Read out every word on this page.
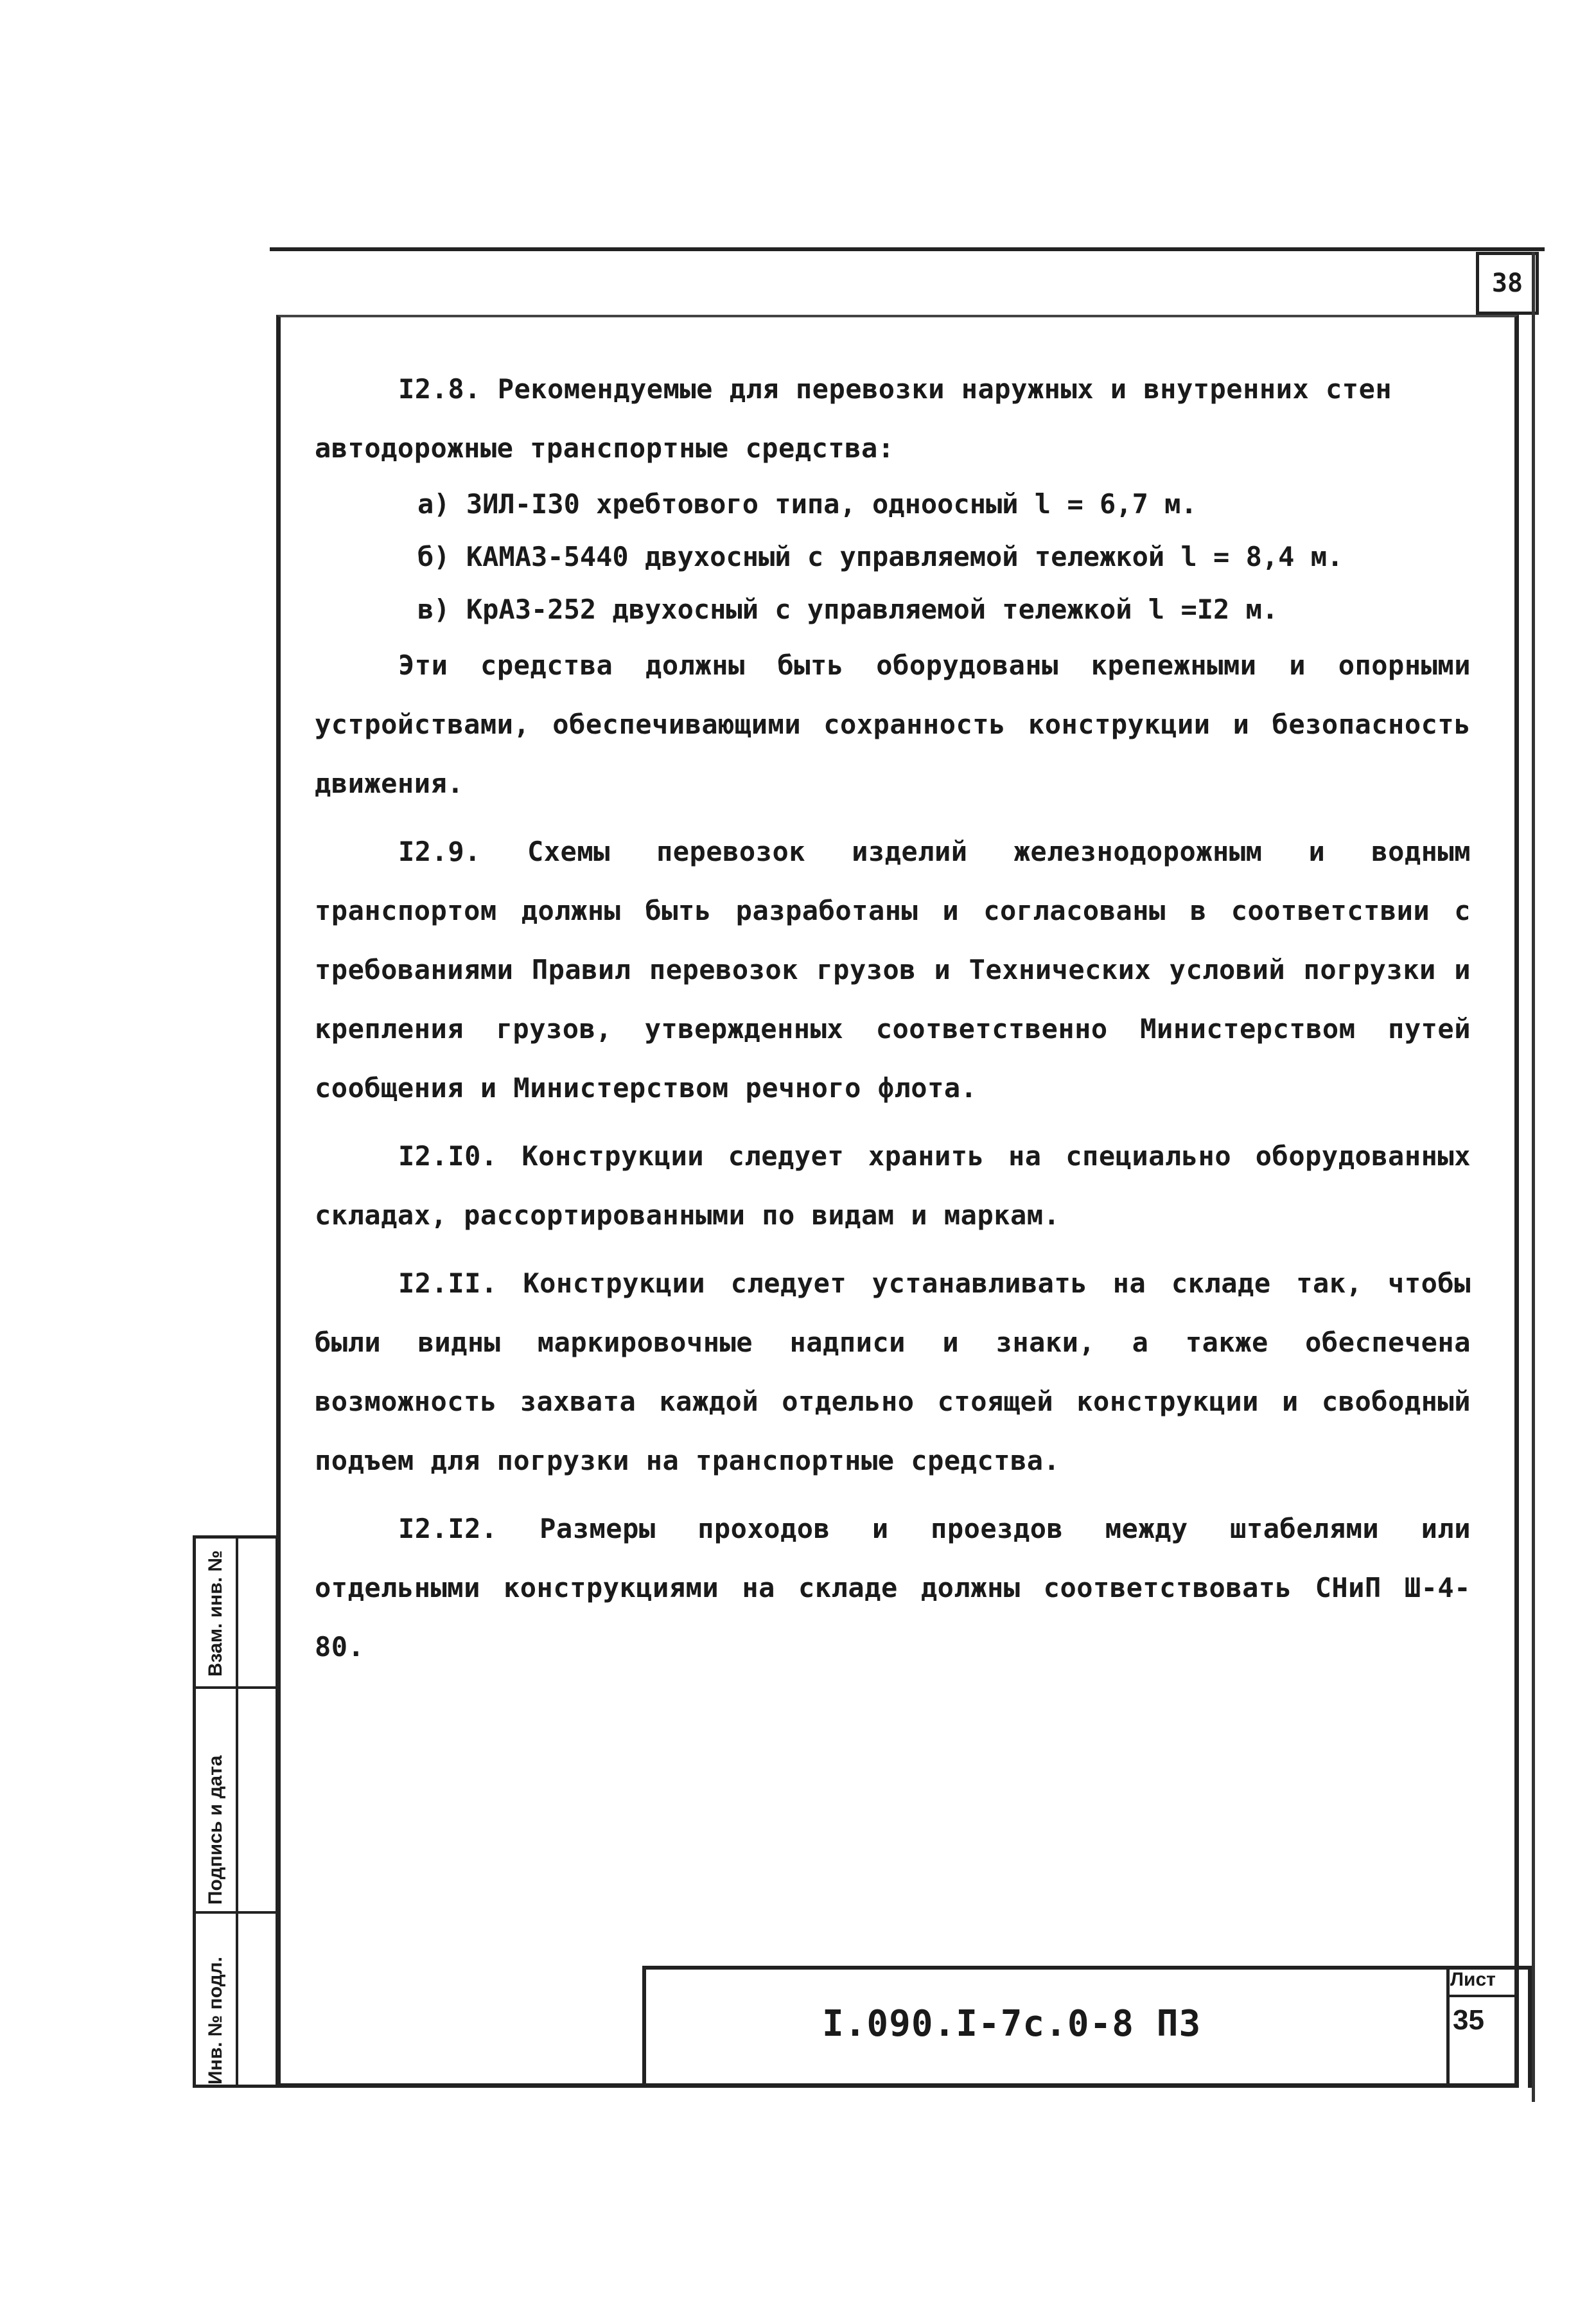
38
I2.8. Рекомендуемые для перевозки наружных и внутренних стен
автодорожные транспортные средства:
а) ЗИЛ-I30 хребтового типа, одноосный l = 6,7 м.
б) КАМАЗ-5440 двухосный с управляемой тележкой l = 8,4 м.
в) КрАЗ-252 двухосный с управляемой тележкой l =I2 м.

Эти средства должны быть оборудованы крепежными и опорными устройствами, обеспечивающими сохранность конструкции и безопасность движения.

I2.9. Схемы перевозок изделий железнодорожным и водным транспортом должны быть разработаны и согласованы в соответствии с требованиями Правил перевозок грузов и Технических условий погрузки и крепления грузов, утвержденных соответственно Министерством путей сообщения и Министерством речного флота.

I2.I0. Конструкции следует хранить на специально оборудованных складах, рассортированными по видам и маркам.

I2.II. Конструкции следует устанавливать на складе так, чтобы были видны маркировочные надписи и знаки, а также обеспечена возможность захвата каждой отдельно стоящей конструкции и свободный подъем для погрузки на транспортные средства.

I2.I2. Размеры проходов и проездов между штабелями или отдельными конструкциями на складе должны соответствовать СНиП Ш-4-80.

Взам. инв. №
Подпись и дата
Инв. № подл.	I.090.I-7с.0-8 ПЗ
Лист
35
